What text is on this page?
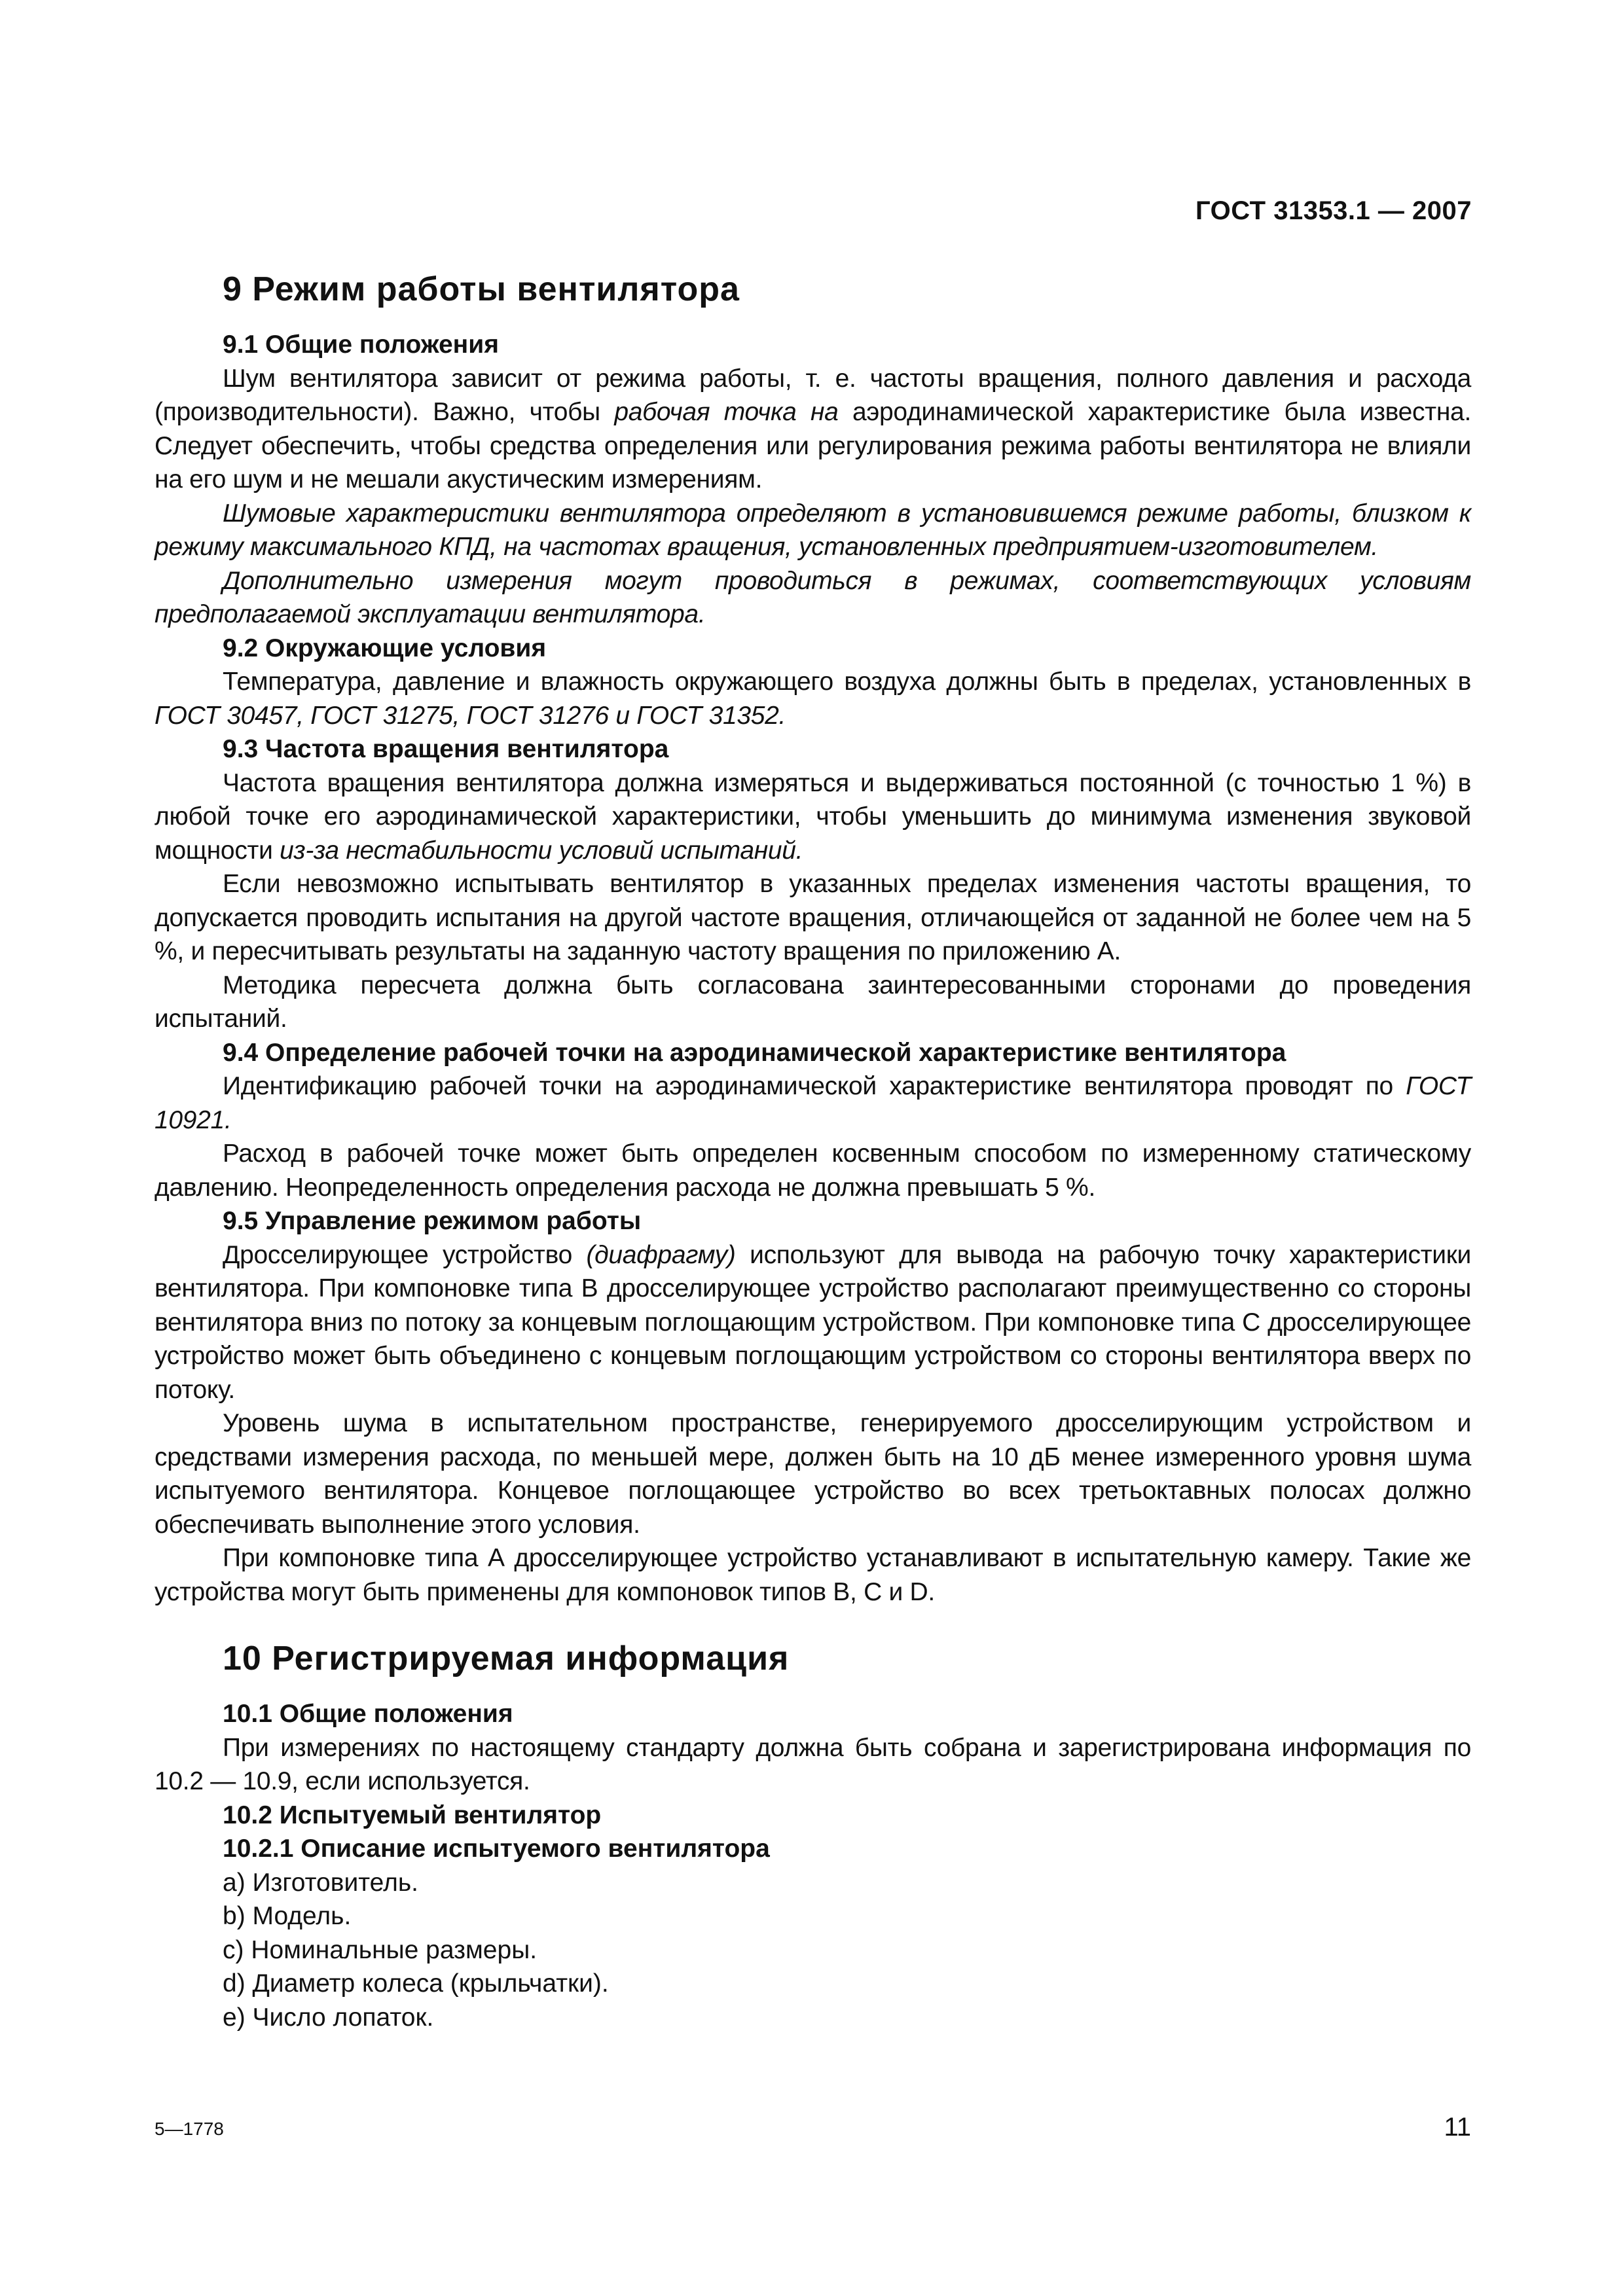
ГОСТ 31353.1 — 2007
9 Режим работы вентилятора
9.1 Общие положения

Шум вентилятора зависит от режима работы, т. е. частоты вращения, полного давления и расхода (производительности). Важно, чтобы рабочая точка на аэродинамической характеристике была известна. Следует обеспечить, чтобы средства определения или регулирования режима работы вентилятора не влияли на его шум и не мешали акустическим измерениям.

Шумовые характеристики вентилятора определяют в установившемся режиме работы, близком к режиму максимального КПД, на частотах вращения, установленных предприятием-изготовителем.

Дополнительно измерения могут проводиться в режимах, соответствующих условиям предполагаемой эксплуатации вентилятора.

9.2 Окружающие условия

Температура, давление и влажность окружающего воздуха должны быть в пределах, установленных в ГОСТ 30457, ГОСТ 31275, ГОСТ 31276 и ГОСТ 31352.

9.3 Частота вращения вентилятора

Частота вращения вентилятора должна измеряться и выдерживаться постоянной (с точностью 1 %) в любой точке его аэродинамической характеристики, чтобы уменьшить до минимума изменения звуковой мощности из-за нестабильности условий испытаний.

Если невозможно испытывать вентилятор в указанных пределах изменения частоты вращения, то допускается проводить испытания на другой частоте вращения, отличающейся от заданной не более чем на 5 %, и пересчитывать результаты на заданную частоту вращения по приложению А.

Методика пересчета должна быть согласована заинтересованными сторонами до проведения испытаний.

9.4 Определение рабочей точки на аэродинамической характеристике вентилятора

Идентификацию рабочей точки на аэродинамической характеристике вентилятора проводят по ГОСТ 10921.

Расход в рабочей точке может быть определен косвенным способом по измеренному статическому давлению. Неопределенность определения расхода не должна превышать 5 %.

9.5 Управление режимом работы

Дросселирующее устройство (диафрагму) используют для вывода на рабочую точку характеристики вентилятора. При компоновке типа В дросселирующее устройство располагают преимущественно со стороны вентилятора вниз по потоку за концевым поглощающим устройством. При компоновке типа С дросселирующее устройство может быть объединено с концевым поглощающим устройством со стороны вентилятора вверх по потоку.

Уровень шума в испытательном пространстве, генерируемого дросселирующим устройством и средствами измерения расхода, по меньшей мере, должен быть на 10 дБ менее измеренного уровня шума испытуемого вентилятора. Концевое поглощающее устройство во всех третьоктавных полосах должно обеспечивать выполнение этого условия.

При компоновке типа А дросселирующее устройство устанавливают в испытательную камеру. Такие же устройства могут быть применены для компоновок типов В, С и D.

10 Регистрируемая информация
10.1 Общие положения

При измерениях по настоящему стандарту должна быть собрана и зарегистрирована информация по 10.2 — 10.9, если используется.

10.2 Испытуемый вентилятор
10.2.1 Описание испытуемого вентилятора
а) Изготовитель.
b) Модель.
с) Номинальные размеры.
d) Диаметр колеса (крыльчатки).
е) Число лопаток.
5—1778	11
